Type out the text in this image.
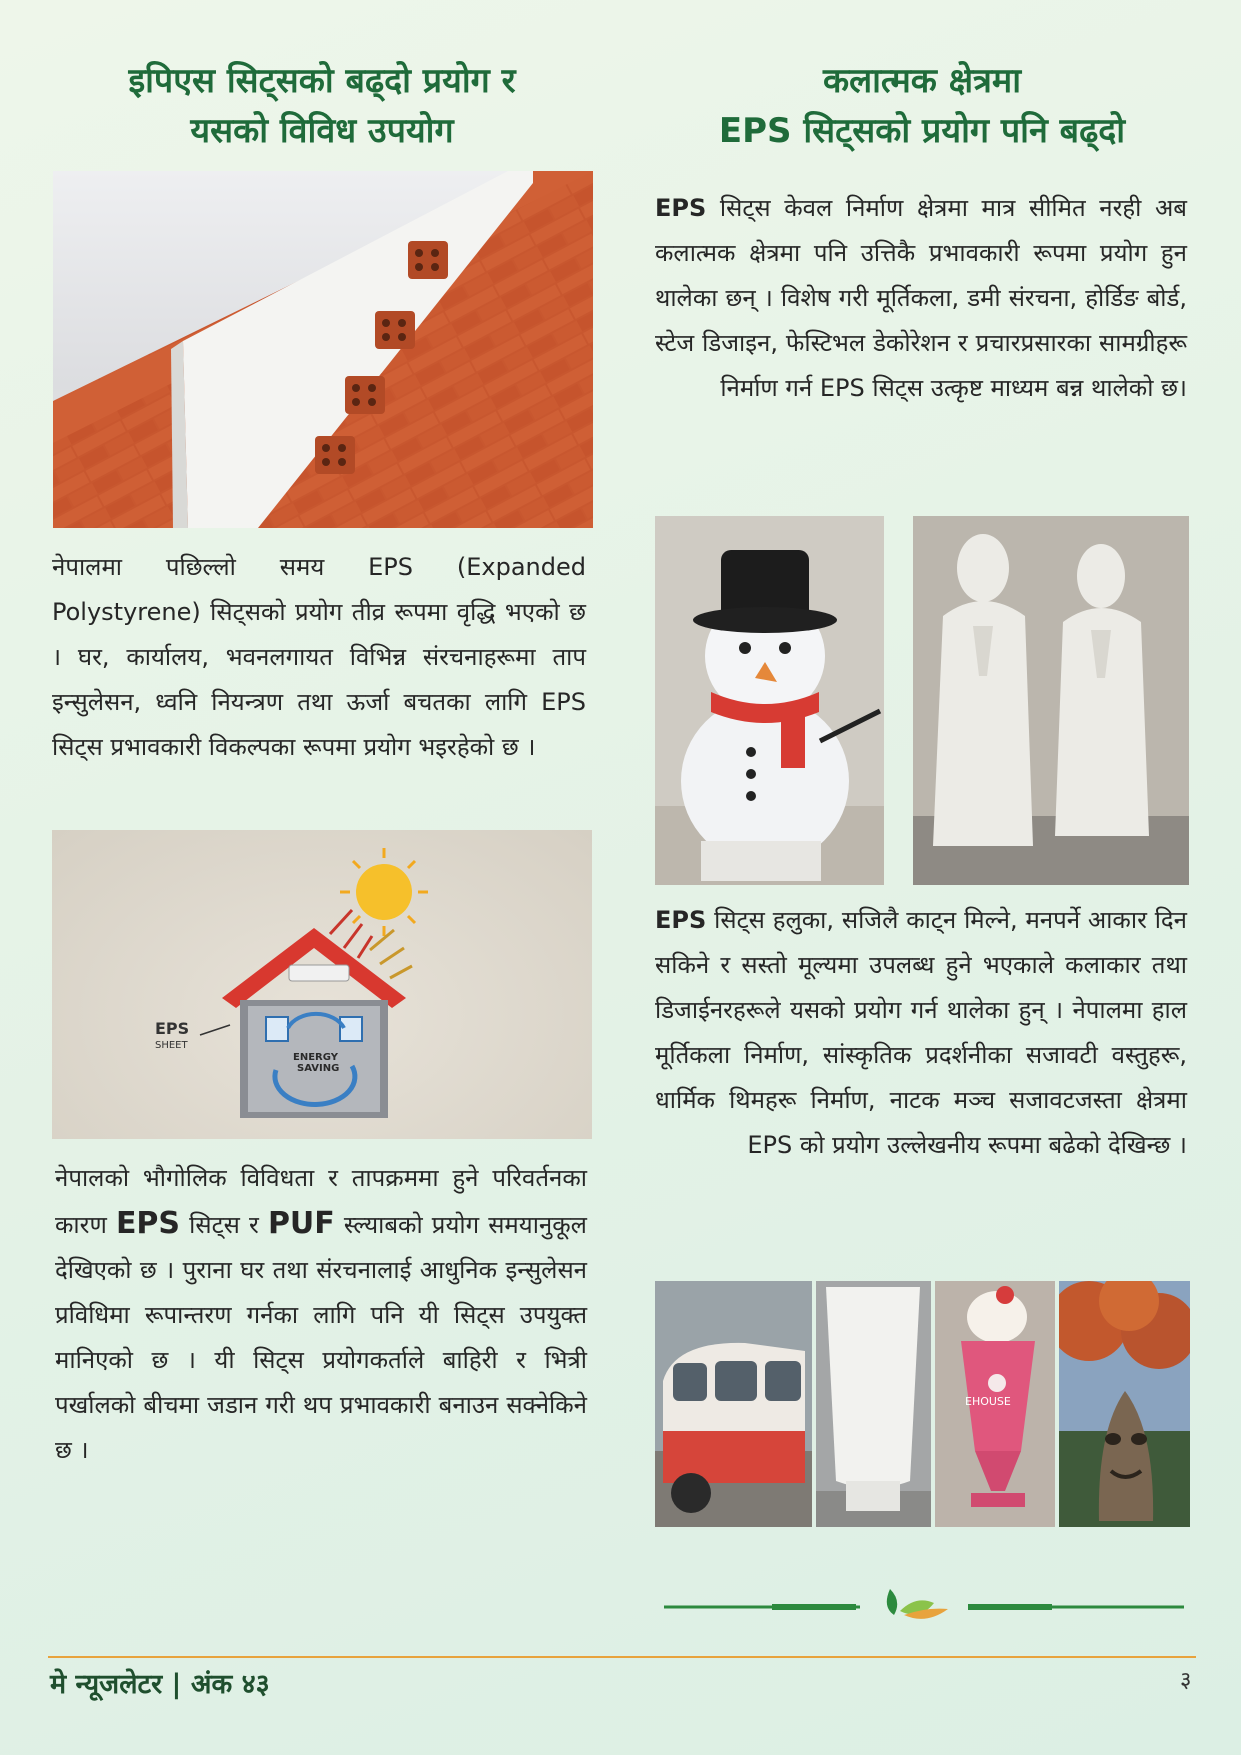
इपिएस सिट्सको बढ्दो प्रयोग र
यसको विविध उपयोग

नेपालमा पछिल्लो समय EPS (Expanded Polystyrene) सिट्सको प्रयोग तीव्र रूपमा वृद्धि भएको छ । घर, कार्यालय, भवनलगायत विभिन्न संरचनाहरूमा ताप इन्सुलेसन, ध्वनि नियन्त्रण तथा ऊर्जा बचतका लागि EPS सिट्स प्रभावकारी विकल्पका रूपमा प्रयोग भइरहेको छ ।

EPS
SHEET
ENERGY
SAVING

नेपालको भौगोलिक विविधता र तापक्रममा हुने परिवर्तनका कारण EPS सिट्स र PUF स्ल्याबको प्रयोग समयानुकूल देखिएको छ । पुराना घर तथा संरचनालाई आधुनिक इन्सुलेसन प्रविधिमा रूपान्तरण गर्नका लागि पनि यी सिट्स उपयुक्त मानिएको छ । यी सिट्स प्रयोगकर्ताले बाहिरी र भित्री पर्खालको बीचमा जडान गरी थप प्रभावकारी बनाउन सक्नेकिने छ ।

कलात्मक क्षेत्रमा
EPS सिट्सको प्रयोग पनि बढ्दो

EPS सिट्स केवल निर्माण क्षेत्रमा मात्र सीमित नरही अब कलात्मक क्षेत्रमा पनि उत्तिकै प्रभावकारी रूपमा प्रयोग हुन थालेका छन् । विशेष गरी मूर्तिकला, डमी संरचना, होर्डिङ बोर्ड, स्टेज डिजाइन, फेस्टिभल डेकोरेशन र प्रचारप्रसारका सामग्रीहरू निर्माण गर्न EPS सिट्स उत्कृष्ट माध्यम बन्न थालेको छ।

EPS सिट्स हलुका, सजिलै काट्न मिल्ने, मनपर्ने आकार दिन सकिने र सस्तो मूल्यमा उपलब्ध हुने भएकाले कलाकार तथा डिजाईनरहरूले यसको प्रयोग गर्न थालेका हुन् । नेपालमा हाल मूर्तिकला निर्माण, सांस्कृतिक प्रदर्शनीका सजावटी वस्तुहरू, धार्मिक थिमहरू निर्माण, नाटक मञ्च सजावटजस्ता क्षेत्रमा EPS को प्रयोग उल्लेखनीय रूपमा बढेको देखिन्छ ।

EHOUSE
मे न्यूजलेटर | अंक ४३	३
